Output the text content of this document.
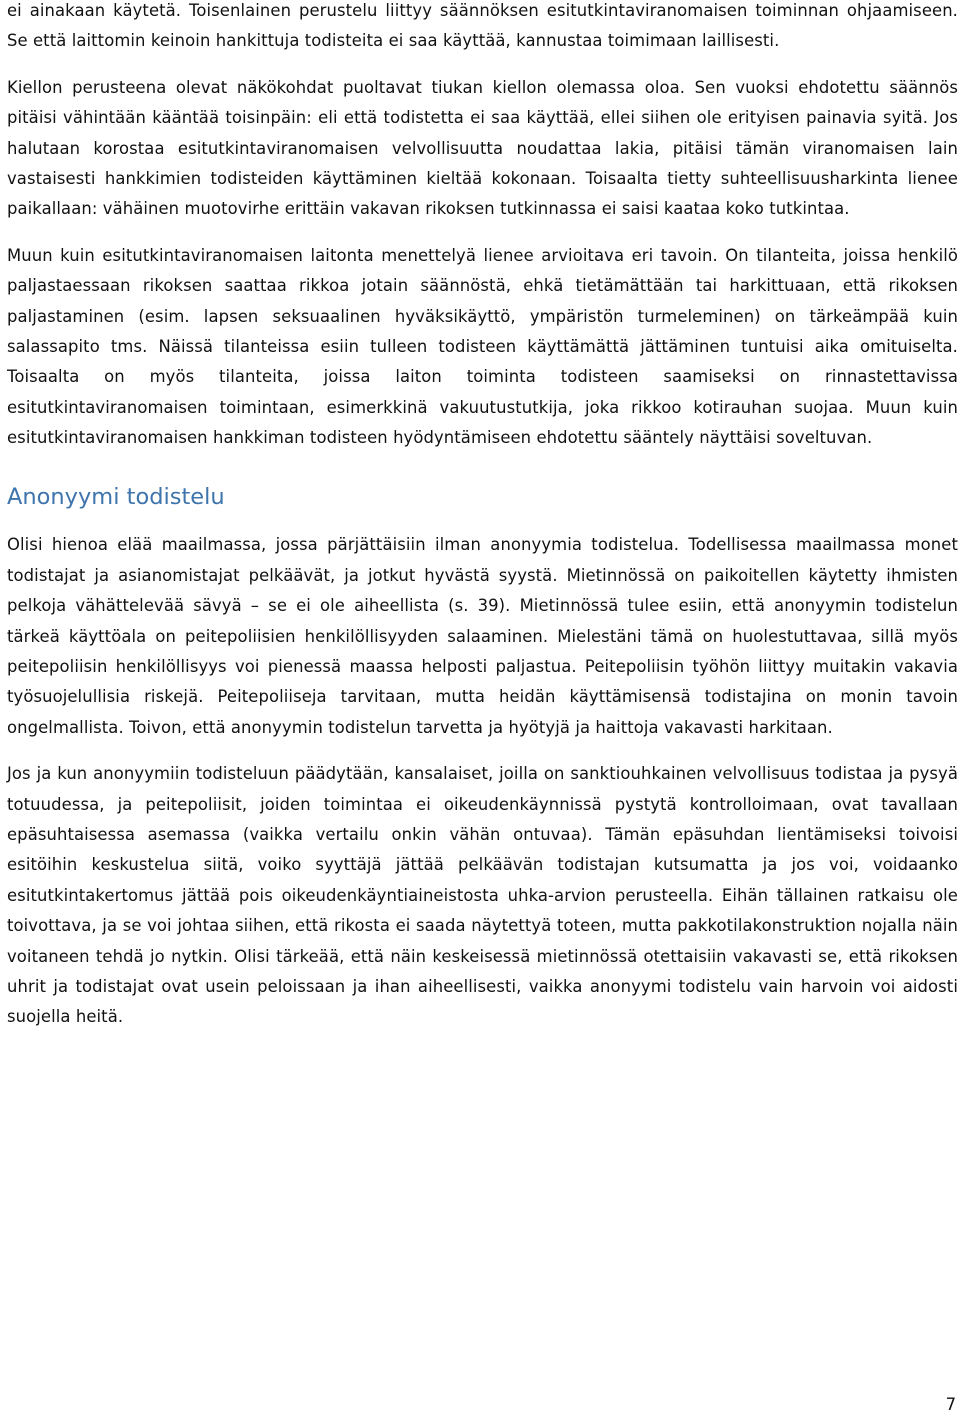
ei ainakaan käytetä. Toisenlainen perustelu liittyy säännöksen esitutkintaviranomaisen toiminnan ohjaamiseen. Se että laittomin keinoin hankittuja todisteita ei saa käyttää, kannustaa toimimaan laillisesti.

Kiellon perusteena olevat näkökohdat puoltavat tiukan kiellon olemassa oloa. Sen vuoksi ehdotettu säännös pitäisi vähintään kääntää toisinpäin: eli että todistetta ei saa käyttää, ellei siihen ole erityisen painavia syitä. Jos halutaan korostaa esitutkintaviranomaisen velvollisuutta noudattaa lakia, pitäisi tämän viranomaisen lain vastaisesti hankkimien todisteiden käyttäminen kieltää kokonaan. Toisaalta tietty suhteellisuusharkinta lienee paikallaan: vähäinen muotovirhe erittäin vakavan rikoksen tutkinnassa ei saisi kaataa koko tutkintaa.

Muun kuin esitutkintaviranomaisen laitonta menettelyä lienee arvioitava eri tavoin. On tilanteita, joissa henkilö paljastaessaan rikoksen saattaa rikkoa jotain säännöstä, ehkä tietämättään tai harkittuaan, että rikoksen paljastaminen (esim. lapsen seksuaalinen hyväksikäyttö, ympäristön turmeleminen) on tärkeämpää kuin salassapito tms. Näissä tilanteissa esiin tulleen todisteen käyttämättä jättäminen tuntuisi aika omituiselta. Toisaalta on myös tilanteita, joissa laiton toiminta todisteen saamiseksi on rinnastettavissa esitutkintaviranomaisen toimintaan, esimerkkinä vakuutustutkija, joka rikkoo kotirauhan suojaa. Muun kuin esitutkintaviranomaisen hankkiman todisteen hyödyntämiseen ehdotettu sääntely näyttäisi soveltuvan.

Anonyymi todistelu

Olisi hienoa elää maailmassa, jossa pärjättäisiin ilman anonyymia todistelua. Todellisessa maailmassa monet todistajat ja asianomistajat pelkäävät, ja jotkut hyvästä syystä. Mietinnössä on paikoitellen käytetty ihmisten pelkoja vähättelevää sävyä – se ei ole aiheellista (s. 39). Mietinnössä tulee esiin, että anonyymin todistelun tärkeä käyttöala on peitepoliisien henkilöllisyyden salaaminen. Mielestäni tämä on huolestuttavaa, sillä myös peitepoliisin henkilöllisyys voi pienessä maassa helposti paljastua. Peitepoliisin työhön liittyy muitakin vakavia työsuojelullisia riskejä. Peitepoliiseja tarvitaan, mutta heidän käyttämisensä todistajina on monin tavoin ongelmallista. Toivon, että anonyymin todistelun tarvetta ja hyötyjä ja haittoja vakavasti harkitaan.

Jos ja kun anonyymiin todisteluun päädytään, kansalaiset, joilla on sanktiouhkainen velvollisuus todistaa ja pysyä totuudessa, ja peitepoliisit, joiden toimintaa ei oikeudenkäynnissä pystytä kontrolloimaan, ovat tavallaan epäsuhtaisessa asemassa (vaikka vertailu onkin vähän ontuvaa). Tämän epäsuhdan lientämiseksi toivoisi esitöihin keskustelua siitä, voiko syyttäjä jättää pelkäävän todistajan kutsumatta ja jos voi, voidaanko esitutkintakertomus jättää pois oikeudenkäyntiaineistosta uhka-arvion perusteella. Eihän tällainen ratkaisu ole toivottava, ja se voi johtaa siihen, että rikosta ei saada näytettyä toteen, mutta pakkotilakonstruktion nojalla näin voitaneen tehdä jo nytkin. Olisi tärkeää, että näin keskeisessä mietinnössä otettaisiin vakavasti se, että rikoksen uhrit ja todistajat ovat usein peloissaan ja ihan aiheellisesti, vaikka anonyymi todistelu vain harvoin voi aidosti suojella heitä.

7
